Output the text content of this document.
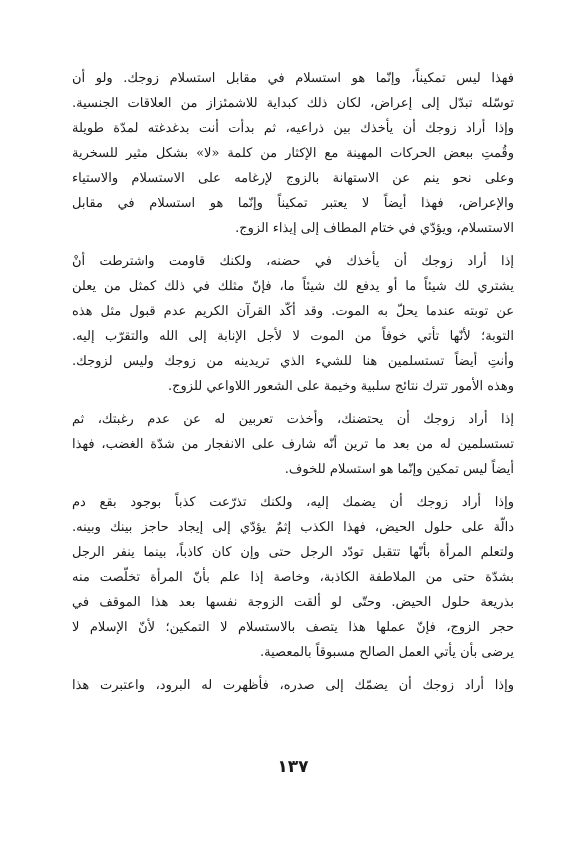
فهذا ليس تمكيناً، وإنّما هو استسلام في مقابل استسلام زوجك. ولو أن
توسّله تبدّل إلى إعراض، لكان ذلك كبداية للاشمئزاز من العلاقات الجنسية.
وإذا أراد زوجك أن يأخذك بين ذراعيه، ثم بدأت أنت بدغدغته لمدّة طويلة
وقُمتِ ببعض الحركات المهينة مع الإكثار من كلمة «لا» بشكل مثير للسخرية
وعلى نحو ينم عن الاستهانة بالزوج لإرغامه على الاستسلام والاستياء
والإعراض، فهذا أيضاً لا يعتبر تمكيناً وإنّما هو استسلام في مقابل
الاستسلام، ويؤدّي في ختام المطاف إلى إيذاء الزوج.

إذا أراد زوجك أن يأخذك في حضنه، ولكنك قاومت واشترطت أنْ
يشتري لك شيئاً ما أو يدفع لك شيئاً ما، فإنّ مثلك في ذلك كمثل من يعلن
عن توبته عندما يحلّ به الموت. وقد أكّد القرآن الكريم عدم قبول مثل هذه
التوبة؛ لأنّها تأتي خوفاً من الموت لا لأجل الإنابة إلى الله والتقرّب إليه.
وأنتِ أيضاً تستسلمين هنا للشيء الذي تريدينه من زوجك وليس لزوجك.
وهذه الأمور تترك نتائج سلبية وخيمة على الشعور اللاواعي للزوج.

إذا أراد زوجك أن يحتضنك، وأخذت تعربين له عن عدم رغبتك، ثم
تستسلمين له من بعد ما ترين أنّه شارف على الانفجار من شدّة الغضب، فهذا
أيضاً ليس تمكين وإنّما هو استسلام للخوف.

وإذا أراد زوجك أن يضمك إليه، ولكنك تذرّعت كذباً بوجود بقع دم
دالّة على حلول الحيض، فهذا الكذب إثمٌ يؤدّي إلى إيجاد حاجز بينك وبينه.
ولتعلم المرأة بأنّها تتقبل تودّد الرجل حتى وإن كان كاذباً، بينما ينفر الرجل
بشدّة حتى من الملاطفة الكاذبة، وخاصة إذا علم بأنّ المرأة تخلّصت منه
بذريعة حلول الحيض. وحتّى لو ألقت الزوجة نفسها بعد هذا الموقف في
حجر الزوج، فإنّ عملها هذا يتصف بالاستسلام لا التمكين؛ لأنّ الإسلام لا
يرضى بأن يأتي العمل الصالح مسبوقاً بالمعصية.

وإذا أراد زوجك أن يضمّك إلى صدره، فأظهرت له البرود، واعتبرت هذا

١٣٧
